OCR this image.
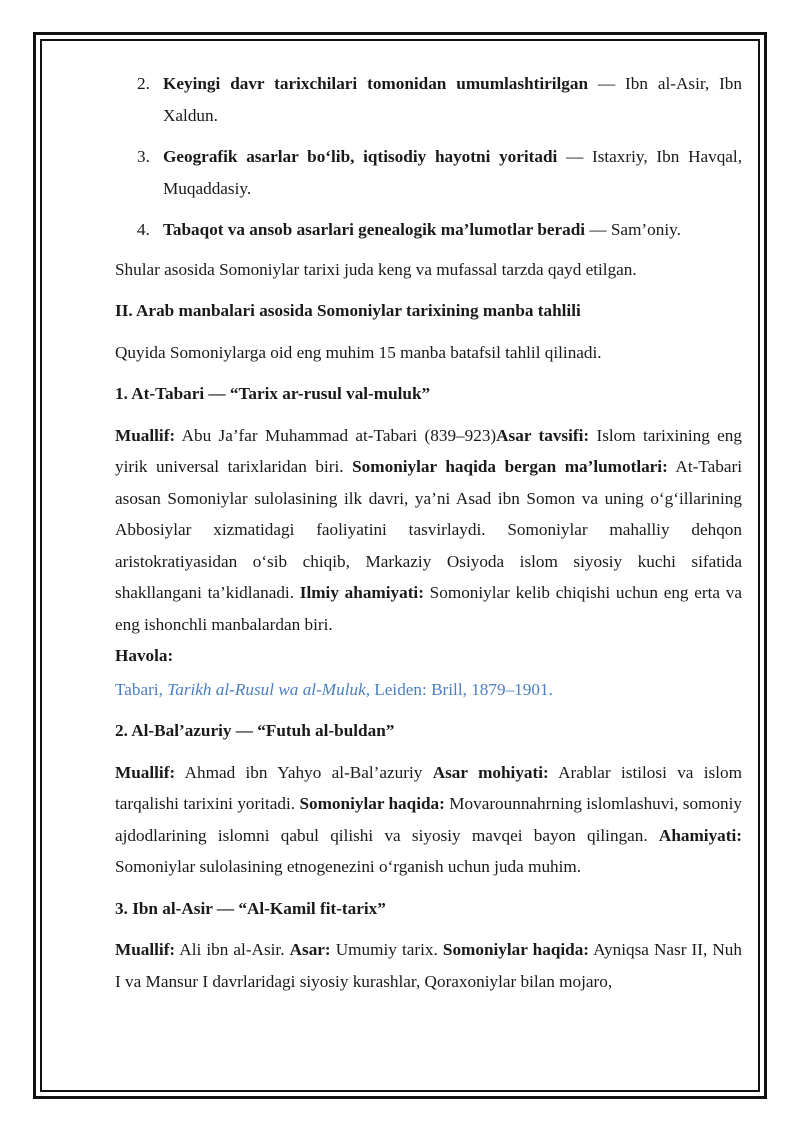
2. Keyingi davr tarixchilari tomonidan umumlashtirilgan — Ibn al-Asir, Ibn Xaldun.
3. Geografik asarlar bo‘lib, iqtisodiy hayotni yoritadi — Istaxriy, Ibn Havqal, Muqaddasiy.
4. Tabaqot va ansob asarlari genealogik ma’lumotlar beradi — Sam’oniy.

Shular asosida Somoniylar tarixi juda keng va mufassal tarzda qayd etilgan.

II. Arab manbalari asosida Somoniylar tarixining manba tahlili

Quyida Somoniylarga oid eng muhim 15 manba batafsil tahlil qilinadi.

1. At-Tabari — “Tarix ar-rusul val-muluk”

Muallif: Abu Ja’far Muhammad at-Tabari (839–923)Asar tavsifi: Islom tarixining eng yirik universal tarixlaridan biri. Somoniylar haqida bergan ma’lumotlari: At-Tabari asosan Somoniylar sulolasining ilk davri, ya’ni Asad ibn Somon va uning o‘g‘illarining Abbosiylar xizmatidagi faoliyatini tasvirlaydi. Somoniylar mahalliy dehqon aristokratiyasidan o‘sib chiqib, Markaziy Osiyoda islom siyosiy kuchi sifatida shakllangani ta’kidlanadi. Ilmiy ahamiyati: Somoniylar kelib chiqishi uchun eng erta va eng ishonchli manbalardan biri.

Havola:

Tabari, Tarikh al-Rusul wa al-Muluk, Leiden: Brill, 1879–1901.

2. Al-Bal’azuriy — “Futuh al-buldan”

Muallif: Ahmad ibn Yahyo al-Bal’azuriy Asar mohiyati: Arablar istilosi va islom tarqalishi tarixini yoritadi. Somoniylar haqida: Movarounnahrning islomlashuvi, somoniy ajdodlarining islomni qabul qilishi va siyosiy mavqei bayon qilingan. Ahamiyati: Somoniylar sulolasining etnogenezini o‘rganish uchun juda muhim.

3. Ibn al-Asir — “Al-Kamil fit-tarix”

Muallif: Ali ibn al-Asir. Asar: Umumiy tarix. Somoniylar haqida: Ayniqsa Nasr II, Nuh I va Mansur I davrlaridagi siyosiy kurashlar, Qoraxoniylar bilan mojaro,
